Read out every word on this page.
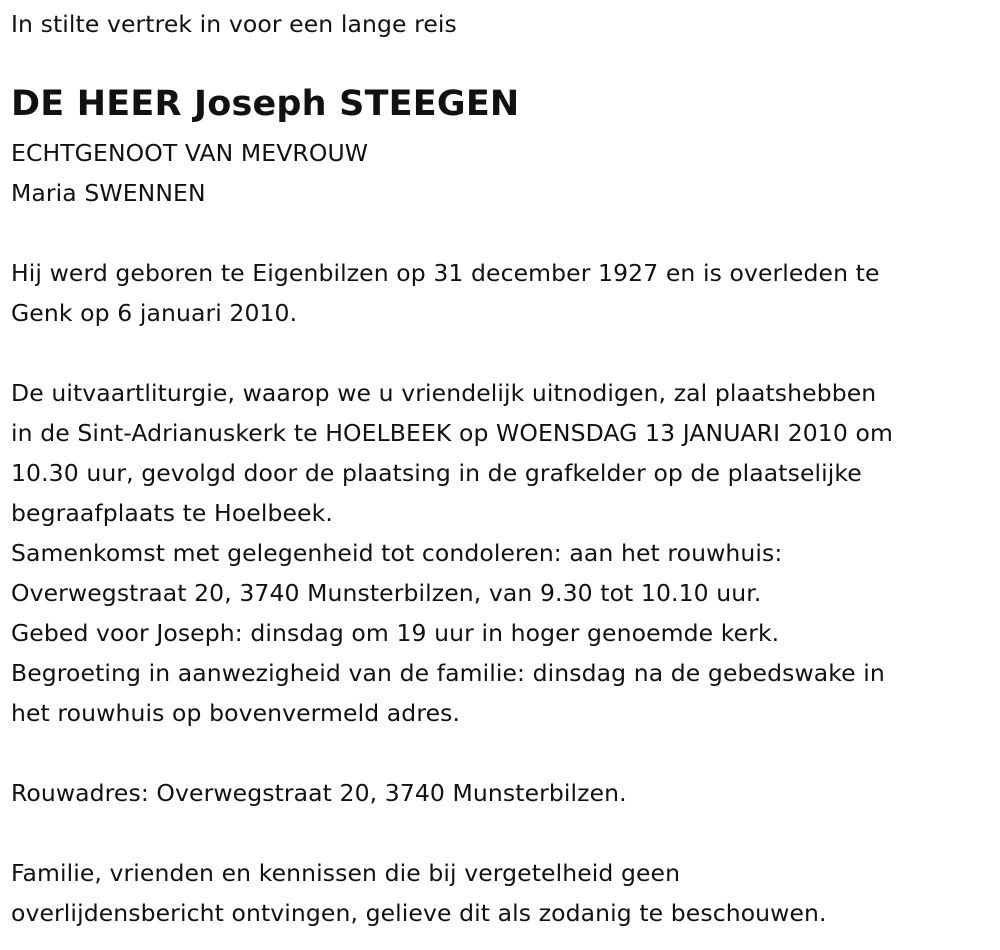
In stilte vertrek in voor een lange reis
DE HEER Joseph STEEGEN
ECHTGENOOT VAN MEVROUW
Maria SWENNEN
Hij werd geboren te Eigenbilzen op 31 december 1927 en is overleden te
Genk op 6 januari 2010.
De uitvaartliturgie, waarop we u vriendelijk uitnodigen, zal plaatshebben
in de Sint-Adrianuskerk te HOELBEEK op WOENSDAG 13 JANUARI 2010 om
10.30 uur, gevolgd door de plaatsing in de grafkelder op de plaatselijke
begraafplaats te Hoelbeek.
Samenkomst met gelegenheid tot condoleren: aan het rouwhuis:
Overwegstraat 20, 3740 Munsterbilzen, van 9.30 tot 10.10 uur.
Gebed voor Joseph: dinsdag om 19 uur in hoger genoemde kerk.
Begroeting in aanwezigheid van de familie: dinsdag na de gebedswake in
het rouwhuis op bovenvermeld adres.
Rouwadres: Overwegstraat 20, 3740 Munsterbilzen.
Familie, vrienden en kennissen die bij vergetelheid geen
overlijdensbericht ontvingen, gelieve dit als zodanig te beschouwen.
